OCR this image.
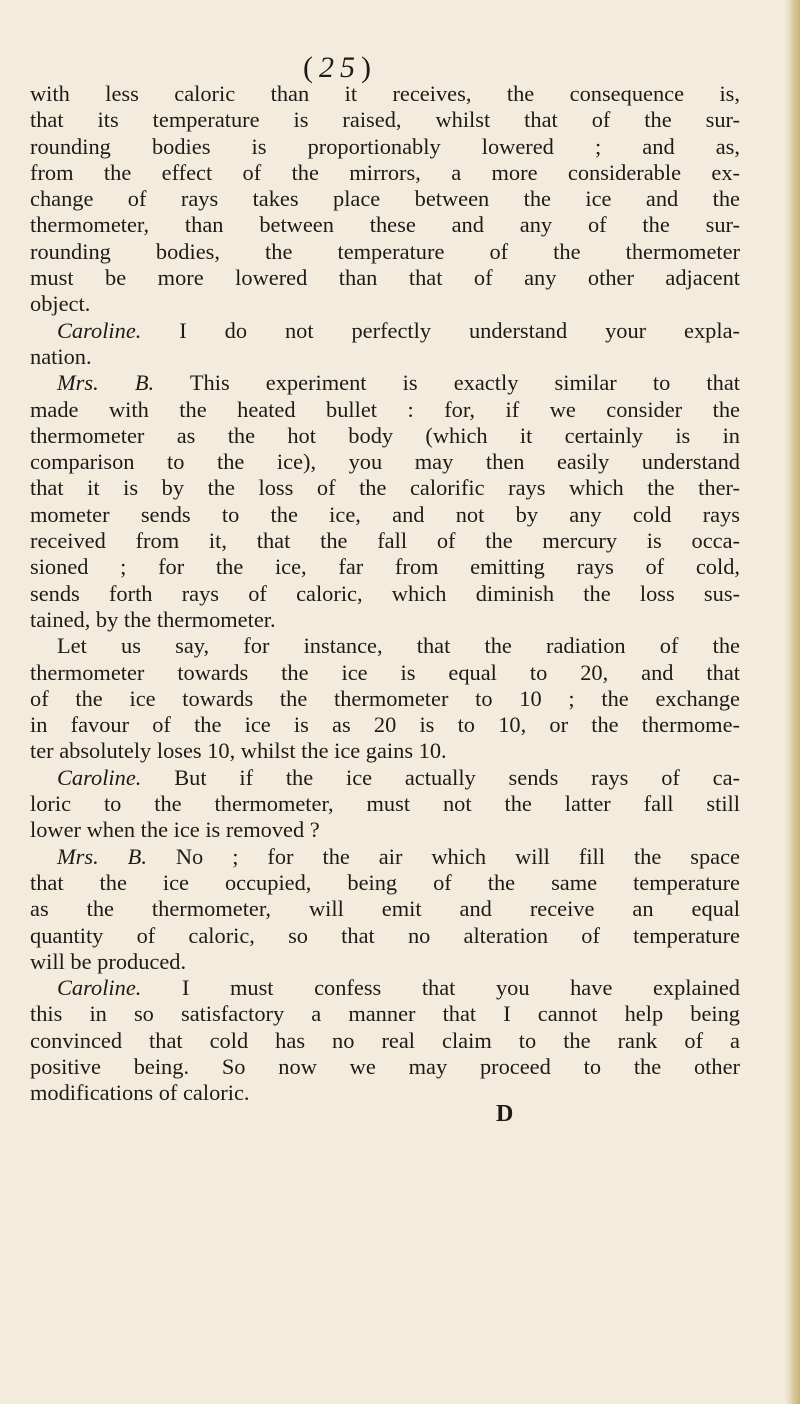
(25)
with less caloric than it receives, the consequence is,
that its temperature is raised, whilst that of the sur-
rounding bodies is proportionably lowered ; and as,
from the effect of the mirrors, a more considerable ex-
change of rays takes place between the ice and the
thermometer, than between these and any of the sur-
rounding bodies, the temperature of the thermometer
must be more lowered than that of any other adjacent
object.
Caroline. I do not perfectly understand your expla-
nation.
Mrs. B. This experiment is exactly similar to that
made with the heated bullet : for, if we consider the
thermometer as the hot body (which it certainly is in
comparison to the ice), you may then easily understand
that it is by the loss of the calorific rays which the ther-
mometer sends to the ice, and not by any cold rays
received from it, that the fall of the mercury is occa-
sioned ; for the ice, far from emitting rays of cold,
sends forth rays of caloric, which diminish the loss sus-
tained, by the thermometer.
Let us say, for instance, that the radiation of the
thermometer towards the ice is equal to 20, and that
of the ice towards the thermometer to 10 ; the exchange
in favour of the ice is as 20 is to 10, or the thermome-
ter absolutely loses 10, whilst the ice gains 10.
Caroline. But if the ice actually sends rays of ca-
loric to the thermometer, must not the latter fall still
lower when the ice is removed ?
Mrs. B. No ; for the air which will fill the space
that the ice occupied, being of the same temperature
as the thermometer, will emit and receive an equal
quantity of caloric, so that no alteration of temperature
will be produced.
Caroline. I must confess that you have explained
this in so satisfactory a manner that I cannot help being
convinced that cold has no real claim to the rank of a
positive being. So now we may proceed to the other
modifications of caloric.
D
